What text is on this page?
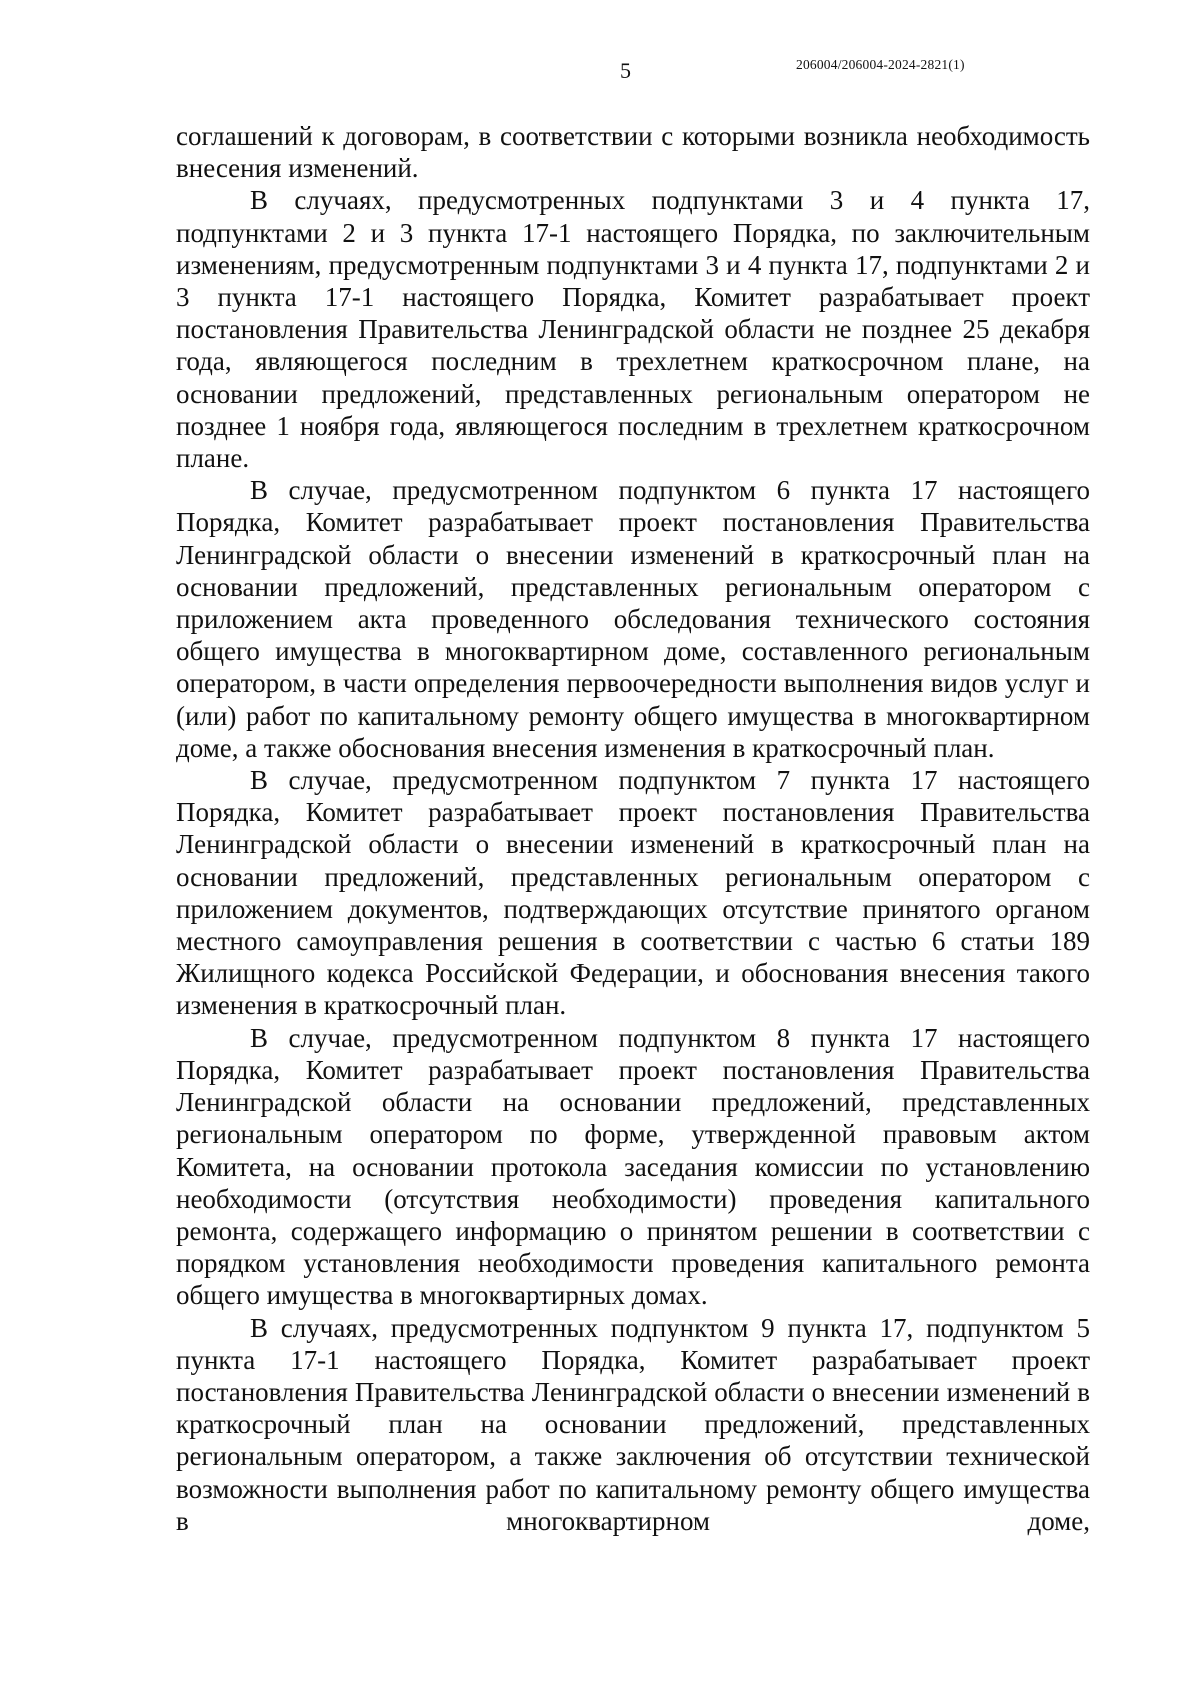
5	206004/206004-2024-2821(1)

соглашений к договорам, в соответствии с которыми возникла необходимость внесения изменений.

В случаях, предусмотренных подпунктами 3 и 4 пункта 17, подпунктами 2 и 3 пункта 17-1 настоящего Порядка, по заключительным изменениям, предусмотренным подпунктами 3 и 4 пункта 17, подпунктами 2 и 3 пункта 17-1 настоящего Порядка, Комитет разрабатывает проект постановления Правительства Ленинградской области не позднее 25 декабря года, являющегося последним в трехлетнем краткосрочном плане, на основании предложений, представленных региональным оператором не позднее 1 ноября года, являющегося последним в трехлетнем краткосрочном плане.

В случае, предусмотренном подпунктом 6 пункта 17 настоящего Порядка, Комитет разрабатывает проект постановления Правительства Ленинградской области о внесении изменений в краткосрочный план на основании предложений, представленных региональным оператором с приложением акта проведенного обследования технического состояния общего имущества в многоквартирном доме, составленного региональным оператором, в части определения первоочередности выполнения видов услуг и (или) работ по капитальному ремонту общего имущества в многоквартирном доме, а также обоснования внесения изменения в краткосрочный план.

В случае, предусмотренном подпунктом 7 пункта 17 настоящего Порядка, Комитет разрабатывает проект постановления Правительства Ленинградской области о внесении изменений в краткосрочный план на основании предложений, представленных региональным оператором с приложением документов, подтверждающих отсутствие принятого органом местного самоуправления решения в соответствии с частью 6 статьи 189 Жилищного кодекса Российской Федерации, и обоснования внесения такого изменения в краткосрочный план.

В случае, предусмотренном подпунктом 8 пункта 17 настоящего Порядка, Комитет разрабатывает проект постановления Правительства Ленинградской области на основании предложений, представленных региональным оператором по форме, утвержденной правовым актом Комитета, на основании протокола заседания комиссии по установлению необходимости (отсутствия необходимости) проведения капитального ремонта, содержащего информацию о принятом решении в соответствии с порядком установления необходимости проведения капитального ремонта общего имущества в многоквартирных домах.

В случаях, предусмотренных подпунктом 9 пункта 17, подпунктом 5 пункта 17-1 настоящего Порядка, Комитет разрабатывает проект постановления Правительства Ленинградской области о внесении изменений в краткосрочный план на основании предложений, представленных региональным оператором, а также заключения об отсутствии технической возможности выполнения работ по капитальному ремонту общего имущества в многоквартирном доме,
